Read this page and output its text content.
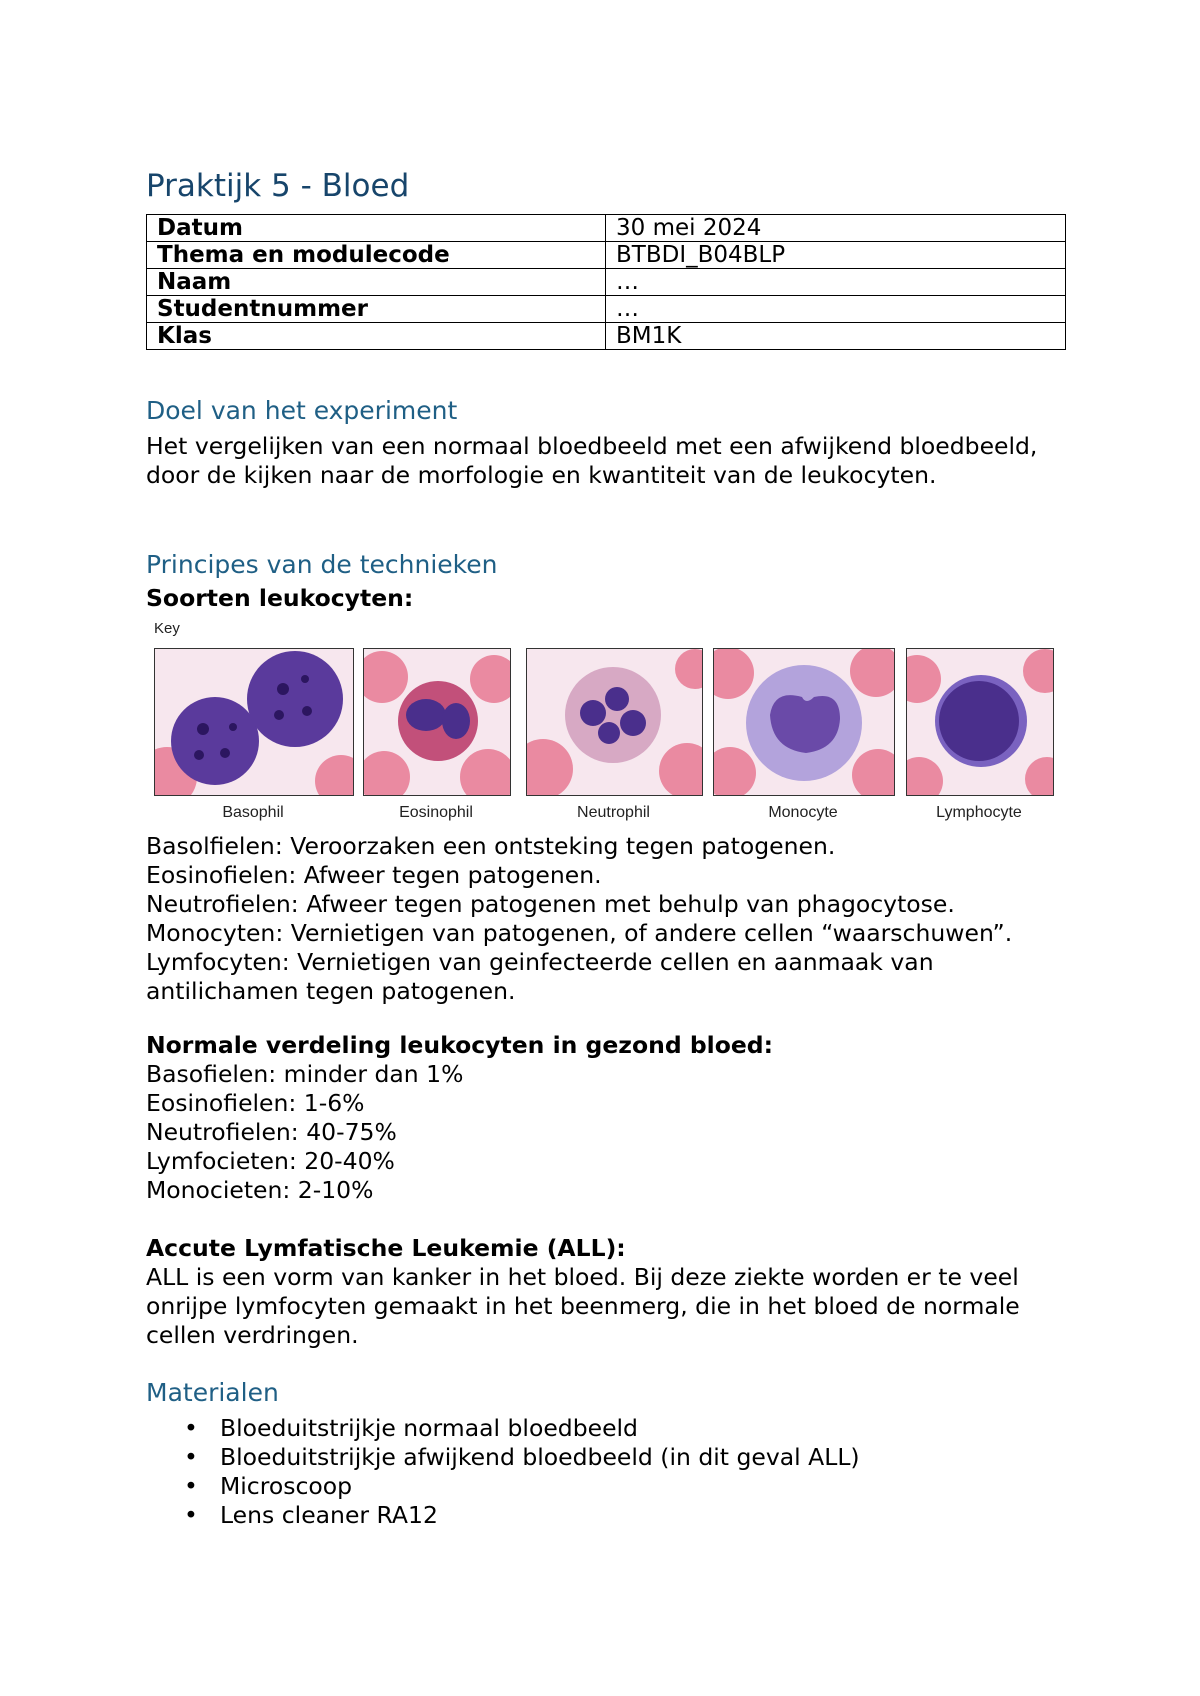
Praktijk 5 - Bloed
Datum	30 mei 2024
Thema en modulecode	BTBDI_B04BLP
Naam	…
Studentnummer	…
Klas	BM1K
Doel van het experiment

Het vergelijken van een normaal bloedbeeld met een afwijkend bloedbeeld, door de kijken naar de morfologie en kwantiteit van de leukocyten.

Principes van de technieken

Soorten leukocyten:

Key
Basophil	Eosinophil	Neutrophil	Monocyte	Lymphocyte

Basolfielen: Veroorzaken een ontsteking tegen patogenen.

Eosinofielen: Afweer tegen patogenen.

Neutrofielen: Afweer tegen patogenen met behulp van phagocytose.

Monocyten: Vernietigen van patogenen, of andere cellen “waarschuwen”.

Lymfocyten: Vernietigen van geinfecteerde cellen en aanmaak van antilichamen tegen patogenen.

Normale verdeling leukocyten in gezond bloed:

Basofielen: minder dan 1%

Eosinofielen: 1-6%

Neutrofielen: 40-75%

Lymfocieten: 20-40%

Monocieten: 2-10%

Accute Lymfatische Leukemie (ALL):

ALL is een vorm van kanker in het bloed. Bij deze ziekte worden er te veel onrijpe lymfocyten gemaakt in het beenmerg, die in het bloed de normale cellen verdringen.

Materialen
• Bloeduitstrijkje normaal bloedbeeld
• Bloeduitstrijkje afwijkend bloedbeeld (in dit geval ALL)
• Microscoop
• Lens cleaner RA12
